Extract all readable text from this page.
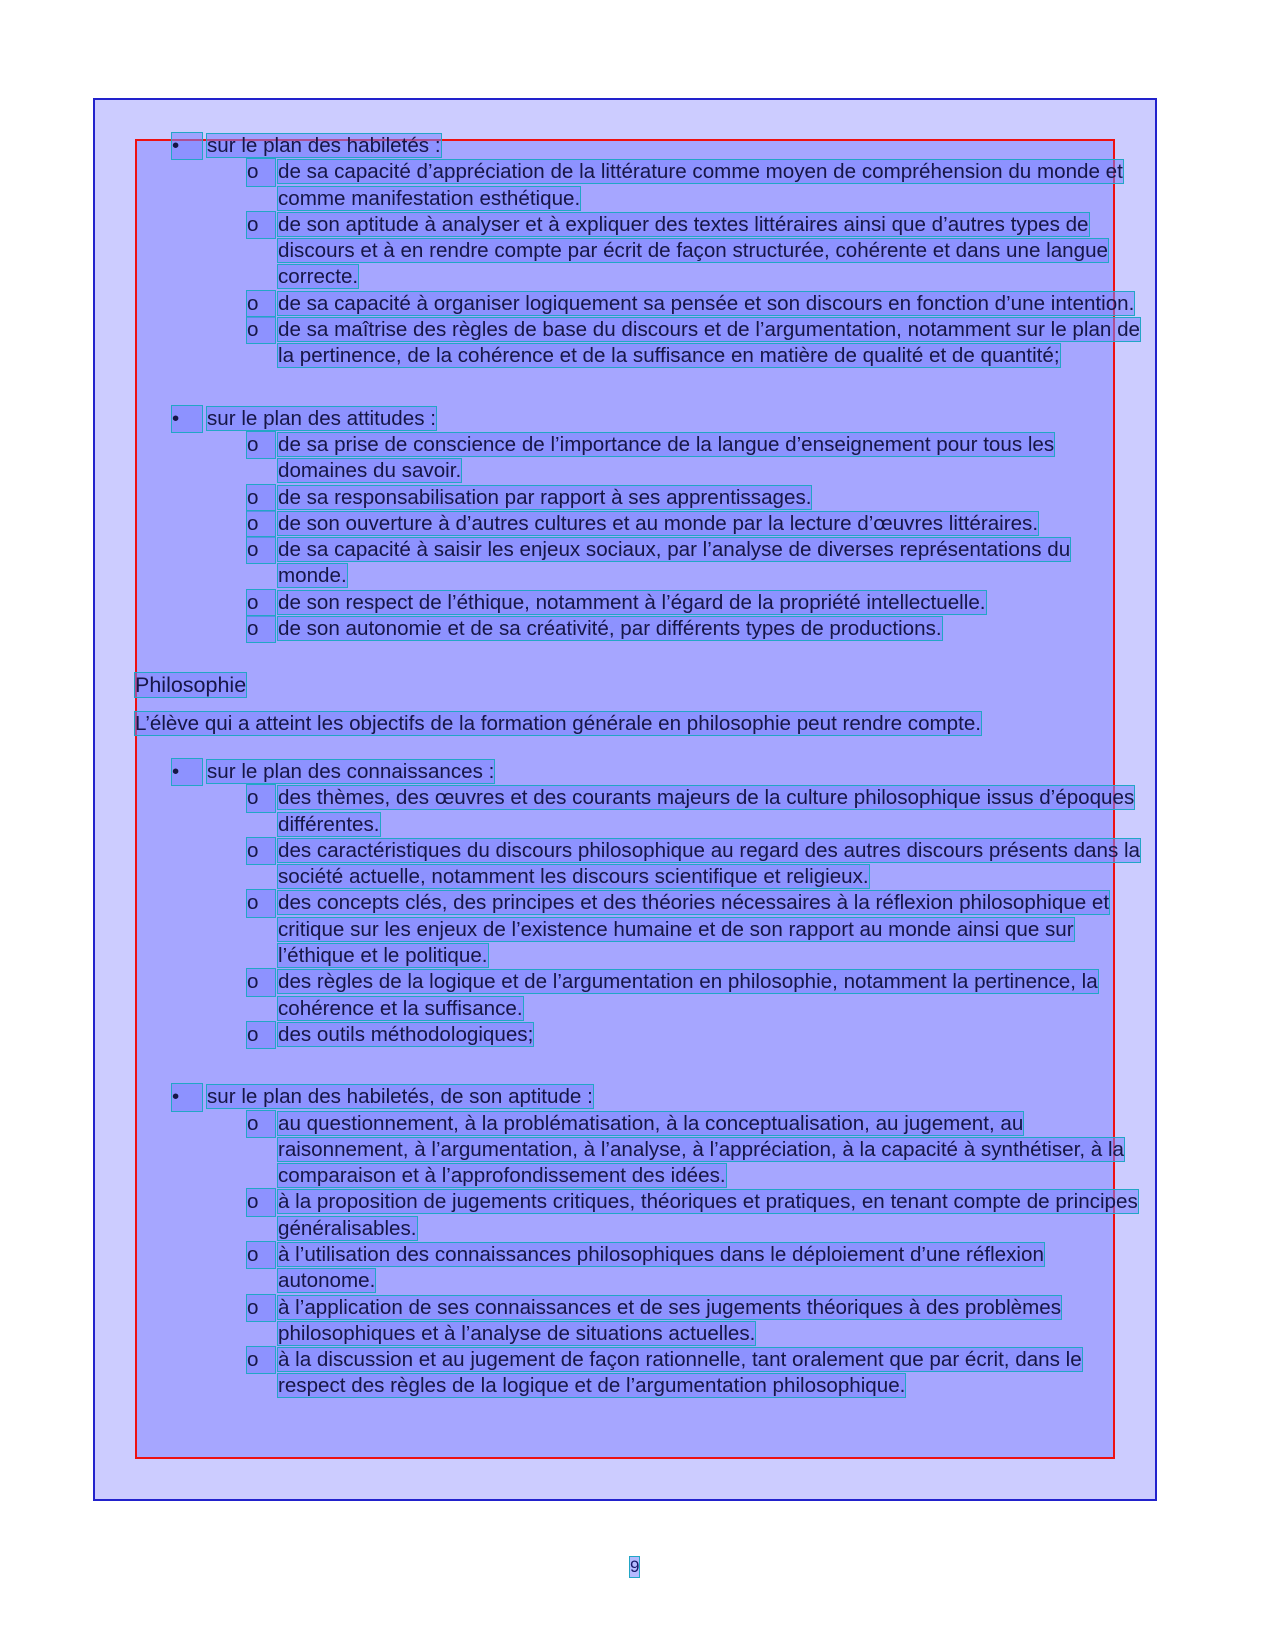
•	sur le plan des habiletés :

o de sa capacité d’appréciation de la littérature comme moyen de compréhension du monde et comme manifestation esthétique.

o de son aptitude à analyser et à expliquer des textes littéraires ainsi que d’autres types de discours et à en rendre compte par écrit de façon structurée, cohérente et dans une langue correcte.

o de sa capacité à organiser logiquement sa pensée et son discours en fonction d’une intention.

o de sa maîtrise des règles de base du discours et de l’argumentation, notamment sur le plan de la pertinence, de la cohérence et de la suffisance en matière de qualité et de quantité;

•	sur le plan des attitudes :

o de sa prise de conscience de l’importance de la langue d’enseignement pour tous les domaines du savoir.

o de sa responsabilisation par rapport à ses apprentissages.

o de son ouverture à d’autres cultures et au monde par la lecture d’œuvres littéraires.

o de sa capacité à saisir les enjeux sociaux, par l’analyse de diverses représentations du monde.

o de son respect de l’éthique, notamment à l’égard de la propriété intellectuelle.

o de son autonomie et de sa créativité, par différents types de productions.

Philosophie

L’élève qui a atteint les objectifs de la formation générale en philosophie peut rendre compte.

•	sur le plan des connaissances :

o des thèmes, des œuvres et des courants majeurs de la culture philosophique issus d’époques différentes.

o des caractéristiques du discours philosophique au regard des autres discours présents dans la société actuelle, notamment les discours scientifique et religieux.

o des concepts clés, des principes et des théories nécessaires à la réflexion philosophique et critique sur les enjeux de l’existence humaine et de son rapport au monde ainsi que sur l’éthique et le politique.

o des règles de la logique et de l’argumentation en philosophie, notamment la pertinence, la cohérence et la suffisance.

o des outils méthodologiques;

•	sur le plan des habiletés, de son aptitude :

o au questionnement, à la problématisation, à la conceptualisation, au jugement, au raisonnement, à l’argumentation, à l’analyse, à l’appréciation, à la capacité à synthétiser, à la comparaison et à l’approfondissement des idées.

o à la proposition de jugements critiques, théoriques et pratiques, en tenant compte de principes généralisables.

o à l’utilisation des connaissances philosophiques dans le déploiement d’une réflexion autonome.

o à l’application de ses connaissances et de ses jugements théoriques à des problèmes philosophiques et à l’analyse de situations actuelles.

o à la discussion et au jugement de façon rationnelle, tant oralement que par écrit, dans le respect des règles de la logique et de l’argumentation philosophique.

9
